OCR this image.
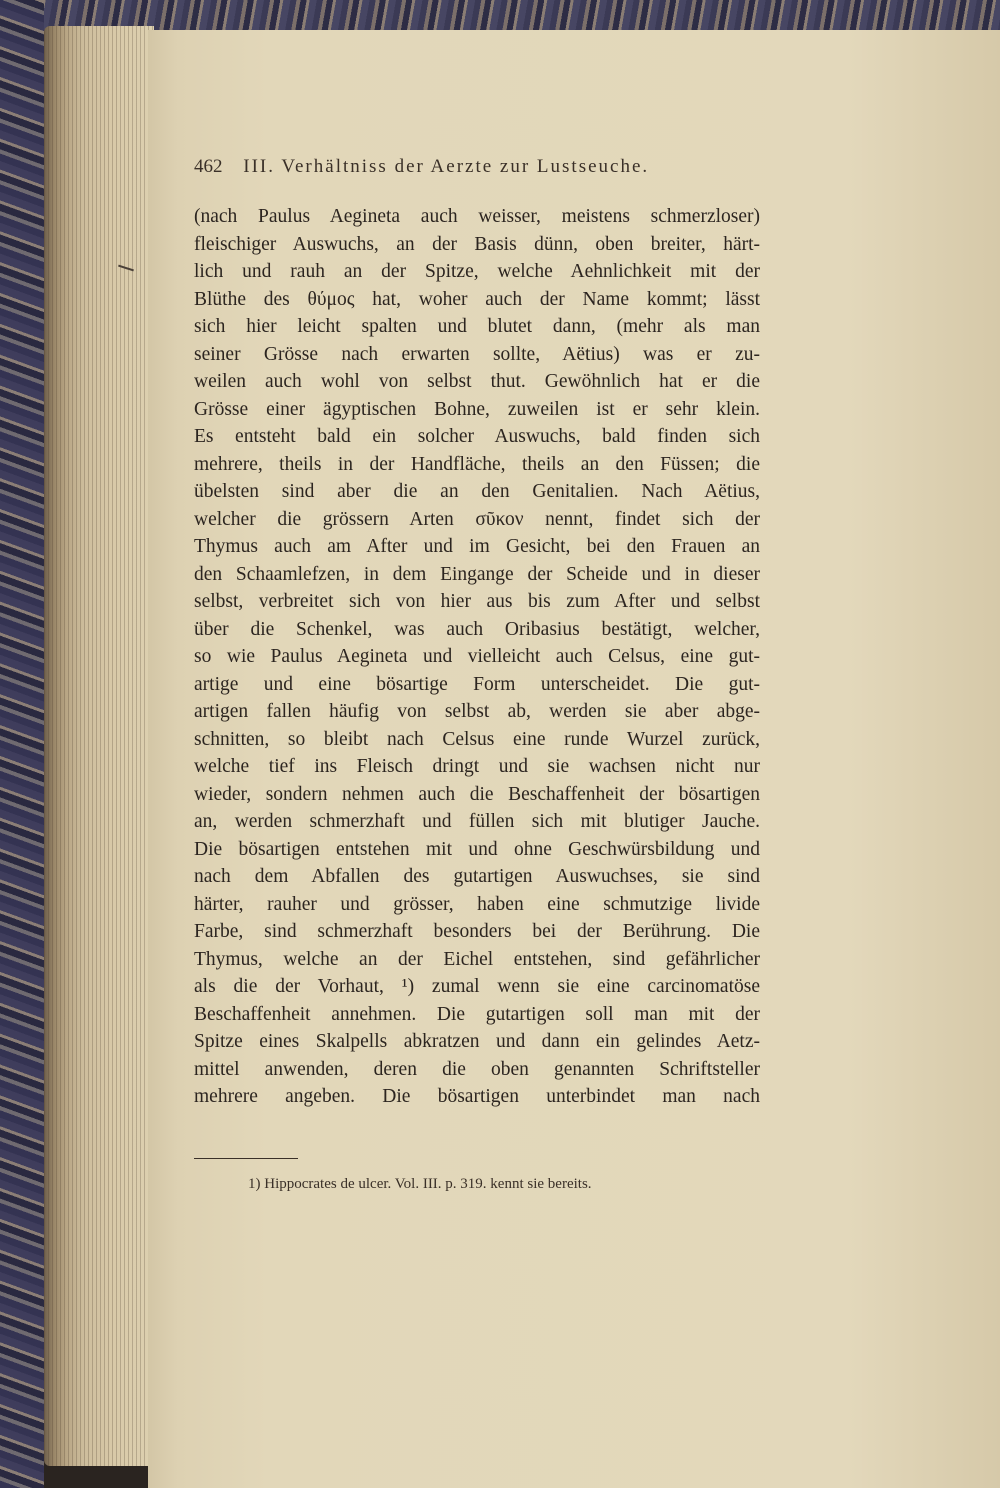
462 III. Verhältniss der Aerzte zur Lustseuche.
(nach Paulus Aegineta auch weisser, meistens schmerzloser)
fleischiger Auswuchs, an der Basis dünn, oben breiter, härt-
lich und rauh an der Spitze, welche Aehnlichkeit mit der
Blüthe des θύμος hat, woher auch der Name kommt; lässt
sich hier leicht spalten und blutet dann, (mehr als man
seiner Grösse nach erwarten sollte, Aëtius) was er zu-
weilen auch wohl von selbst thut. Gewöhnlich hat er die
Grösse einer ägyptischen Bohne, zuweilen ist er sehr klein.
Es entsteht bald ein solcher Auswuchs, bald finden sich
mehrere, theils in der Handfläche, theils an den Füssen; die
übelsten sind aber die an den Genitalien. Nach Aëtius,
welcher die grössern Arten σῦκον nennt, findet sich der
Thymus auch am After und im Gesicht, bei den Frauen an
den Schaamlefzen, in dem Eingange der Scheide und in dieser
selbst, verbreitet sich von hier aus bis zum After und selbst
über die Schenkel, was auch Oribasius bestätigt, welcher,
so wie Paulus Aegineta und vielleicht auch Celsus, eine gut-
artige und eine bösartige Form unterscheidet. Die gut-
artigen fallen häufig von selbst ab, werden sie aber abge-
schnitten, so bleibt nach Celsus eine runde Wurzel zurück,
welche tief ins Fleisch dringt und sie wachsen nicht nur
wieder, sondern nehmen auch die Beschaffenheit der bösartigen
an, werden schmerzhaft und füllen sich mit blutiger Jauche.
Die bösartigen entstehen mit und ohne Geschwürsbildung und
nach dem Abfallen des gutartigen Auswuchses, sie sind
härter, rauher und grösser, haben eine schmutzige livide
Farbe, sind schmerzhaft besonders bei der Berührung. Die
Thymus, welche an der Eichel entstehen, sind gefährlicher
als die der Vorhaut, ¹) zumal wenn sie eine carcinomatöse
Beschaffenheit annehmen. Die gutartigen soll man mit der
Spitze eines Skalpells abkratzen und dann ein gelindes Aetz-
mittel anwenden, deren die oben genannten Schriftsteller
mehrere angeben. Die bösartigen unterbindet man nach
1) Hippocrates de ulcer. Vol. III. p. 319. kennt sie bereits.
